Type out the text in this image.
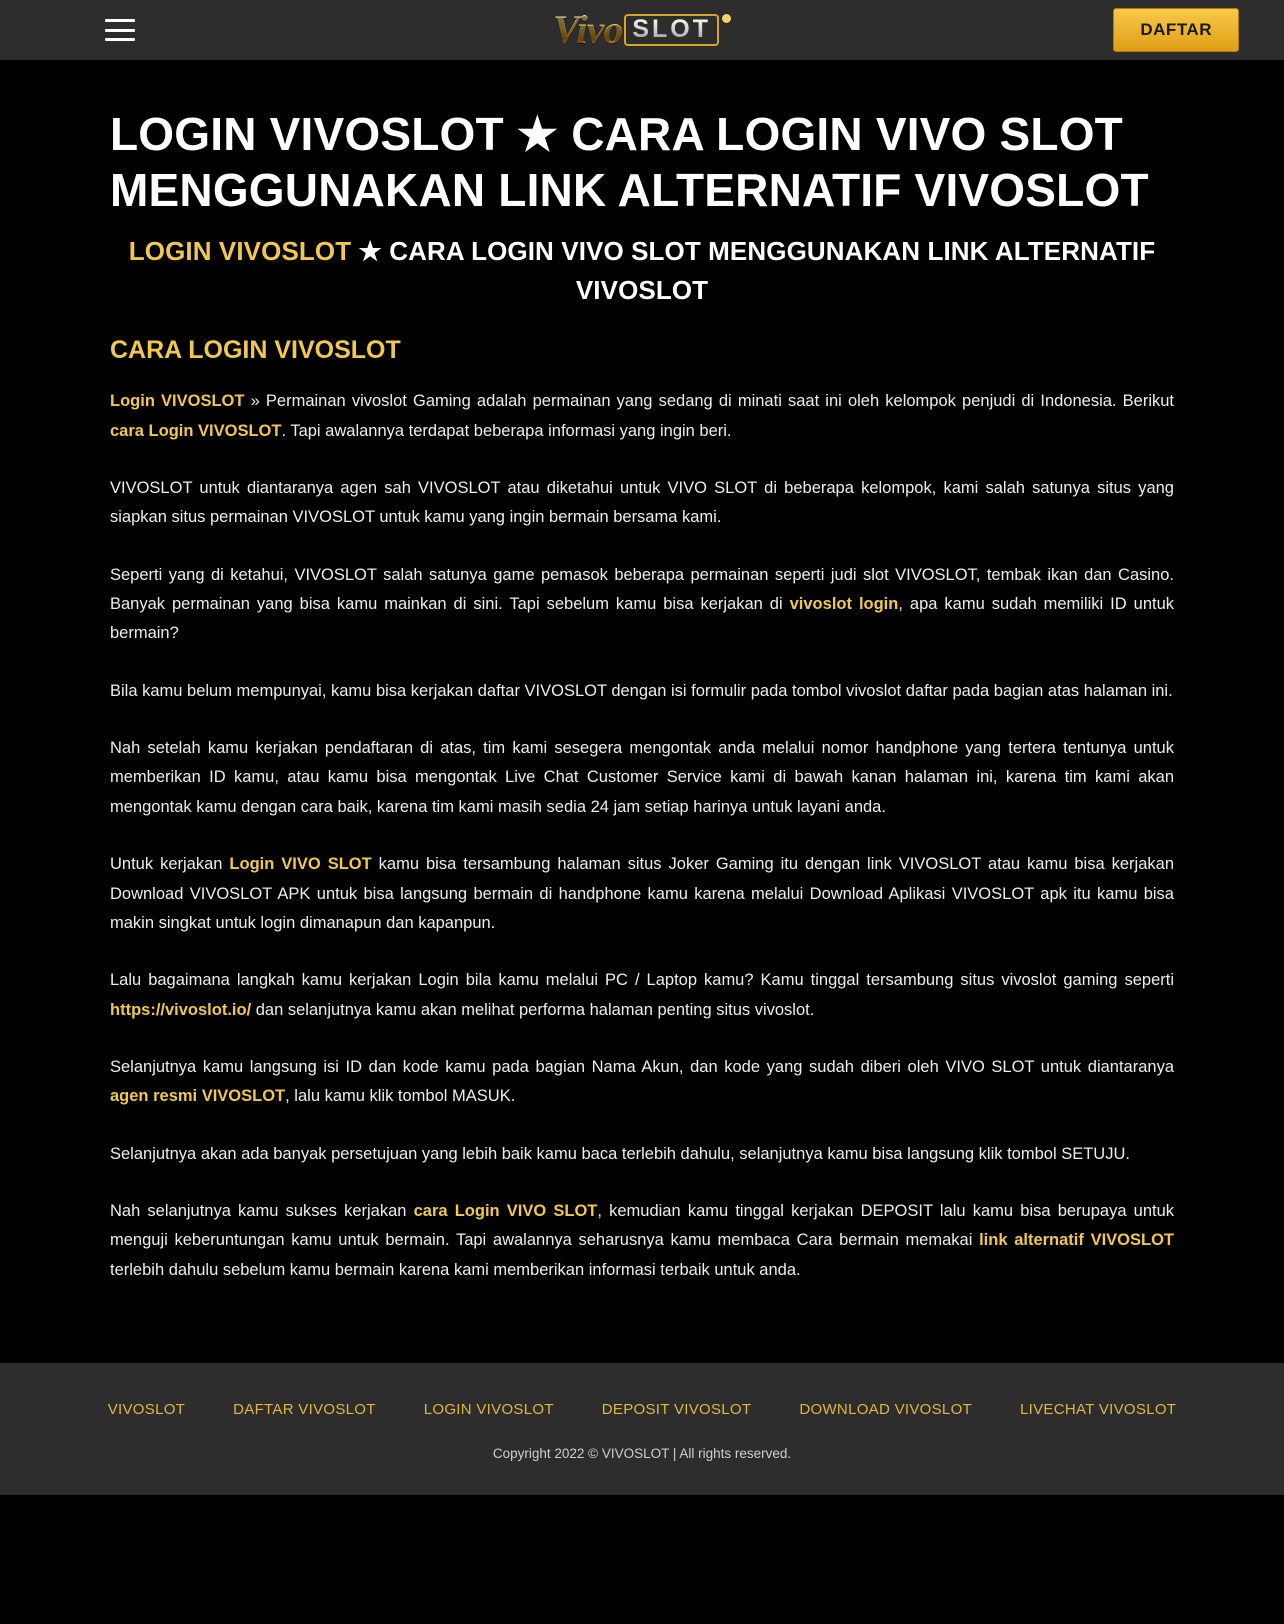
Vivo SLOT	DAFTAR
LOGIN VIVOSLOT ★ CARA LOGIN VIVO SLOT MENGGUNAKAN LINK ALTERNATIF VIVOSLOT
LOGIN VIVOSLOT ★ CARA LOGIN VIVO SLOT MENGGUNAKAN LINK ALTERNATIF VIVOSLOT
CARA LOGIN VIVOSLOT

Login VIVOSLOT » Permainan vivoslot Gaming adalah permainan yang sedang di minati saat ini oleh kelompok penjudi di Indonesia. Berikut cara Login VIVOSLOT. Tapi awalannya terdapat beberapa informasi yang ingin beri.

VIVOSLOT untuk diantaranya agen sah VIVOSLOT atau diketahui untuk VIVO SLOT di beberapa kelompok, kami salah satunya situs yang siapkan situs permainan VIVOSLOT untuk kamu yang ingin bermain bersama kami.

Seperti yang di ketahui, VIVOSLOT salah satunya game pemasok beberapa permainan seperti judi slot VIVOSLOT, tembak ikan dan Casino. Banyak permainan yang bisa kamu mainkan di sini. Tapi sebelum kamu bisa kerjakan di vivoslot login, apa kamu sudah memiliki ID untuk bermain?

Bila kamu belum mempunyai, kamu bisa kerjakan daftar VIVOSLOT dengan isi formulir pada tombol vivoslot daftar pada bagian atas halaman ini.

Nah setelah kamu kerjakan pendaftaran di atas, tim kami sesegera mengontak anda melalui nomor handphone yang tertera tentunya untuk memberikan ID kamu, atau kamu bisa mengontak Live Chat Customer Service kami di bawah kanan halaman ini, karena tim kami akan mengontak kamu dengan cara baik, karena tim kami masih sedia 24 jam setiap harinya untuk layani anda.

Untuk kerjakan Login VIVO SLOT kamu bisa tersambung halaman situs Joker Gaming itu dengan link VIVOSLOT atau kamu bisa kerjakan Download VIVOSLOT APK untuk bisa langsung bermain di handphone kamu karena melalui Download Aplikasi VIVOSLOT apk itu kamu bisa makin singkat untuk login dimanapun dan kapanpun.

Lalu bagaimana langkah kamu kerjakan Login bila kamu melalui PC / Laptop kamu? Kamu tinggal tersambung situs vivoslot gaming seperti https://vivoslot.io/ dan selanjutnya kamu akan melihat performa halaman penting situs vivoslot.

Selanjutnya kamu langsung isi ID dan kode kamu pada bagian Nama Akun, dan kode yang sudah diberi oleh VIVO SLOT untuk diantaranya agen resmi VIVOSLOT, lalu kamu klik tombol MASUK.

Selanjutnya akan ada banyak persetujuan yang lebih baik kamu baca terlebih dahulu, selanjutnya kamu bisa langsung klik tombol SETUJU.

Nah selanjutnya kamu sukses kerjakan cara Login VIVO SLOT, kemudian kamu tinggal kerjakan DEPOSIT lalu kamu bisa berupaya untuk menguji keberuntungan kamu untuk bermain. Tapi awalannya seharusnya kamu membaca Cara bermain memakai link alternatif VIVOSLOT terlebih dahulu sebelum kamu bermain karena kami memberikan informasi terbaik untuk anda.

VIVOSLOT	DAFTAR VIVOSLOT	LOGIN VIVOSLOT	DEPOSIT VIVOSLOT	DOWNLOAD VIVOSLOT	LIVECHAT VIVOSLOT
Copyright 2022 © VIVOSLOT | All rights reserved.
